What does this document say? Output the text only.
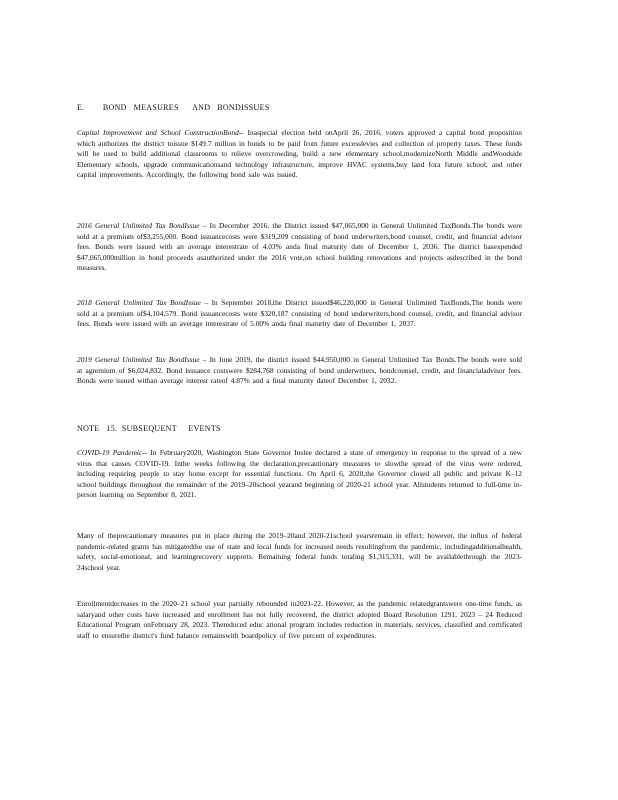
E.        BOND   MEASURES      AND   BONDISSUES
Capital Improvement and School ConstructionBond-- Inaspecial election held onApril 26, 2016, voters approved a capital bond proposition which authorizes the district toissue $149.7 million in bonds to be paid from future excesslevies and collection of property taxes. These funds will be used to build additional classrooms to relieve overcrowding, build a new elementary school,modernizeNorth Middle andWoodside Elementary schools, upgrade communicationsand technology infrastructure, improve HVAC systems,buy land fora future school, and other capital improvements. Accordingly, the following bond sale was issued.
2016 General Unlimited Tax BondIssue – In December 2016, the District issued $47,065,000 in General Unlimited TaxBonds.The bonds were sold at a premium of$3,255,000. Bond issuancecosts were $319,209 consisting of bond underwriters,bond counsel, credit, and financial advisor fees. Bonds were issued with an average interestrate of 4.03% anda final maturity date of December 1, 2036. The district hasexpended $47,065,000million in bond proceeds asauthorized under the 2016 vote,on school building renovations and projects asdescribed in the bond measures.
2018 General Unlimited Tax BondIssue – In September 2018,the District issued$46,220,000 in General Unlimited TaxBonds.The bonds were sold at a premium of$4,104,579. Bond issuancecosts were $320,187 consisting of bond underwriters,bond counsel, credit, and financial advisor fees. Bonds were issued with an average interestrate of 5.00% anda final maturity date of December 1, 2037.
2019 General Unlimited Tax BondIssue – In June 2019, the district issued $44,950,000 in General Unlimited Tax Bonds.The bonds were sold at agremium of $6,024,832. Bond issuance costswere $284,768 consisting of bond underwriters, bondcounsel, credit, and financialadvisor fees. Bonds were issued withan average interest rateof 4.87% and a final maturity dateof December 1, 2032.
NOTE   15.  SUBSEQUENT     EVENTS
COVID-19 Pandemic-- In February2020, Washington State Governor Inslee declared a state of emergency in response to the spread of a new virus that causes COVID-19. Inthe weeks following the declaration,precautionary measures to slowthe spread of the virus were ordered, including requiring people to stay home except for essential functions. On April 6, 2020,the Governor closed all public and private K–12 school buildings throughout the remainder of the 2019–20school yearand beginning of 2020-21 school year. Allstudents returned to full-time in-person learning on September 8, 2021.
Many of theprecautionary measures put in place during the 2019–20and 2020-21school yearsremain in effect; however, the influx of federal pandemic-related grants has mitigatedthe use of state and local funds for increased needs resultingfrom the pandemic, includingadditionalhealth, safety, social-emotional, and learningrecovery supports. Remaining federal funds totaling $1,315,331, will be availablethrough the 2023-24school year.
Enrollmentdecreases in the 2020–21 school year partially rebounded in2021-22. However, as the pandemic relatedgrantswere one-time funds, as salaryand other costs have increased and enrollment has not fully recovered, the district adopted Board Resolution 1291, 2023 – 24 Reduced Educational Program onFebruary 28, 2023. Thereduced educ ational program includes reduction in materials, services, classified and certificated staff to ensurethe district's fund balance remainswith boardpolicy of five percent of expenditures.
